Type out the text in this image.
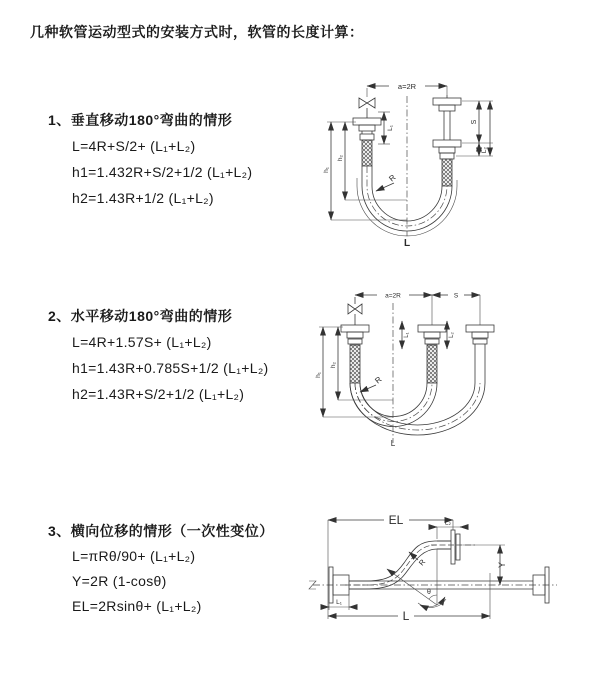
几种软管运动型式的安装方式时，软管的长度计算：
1、垂直移动180°弯曲的情形
L=4R+S/2+ (L₁+L₂)
h1=1.432R+S/2+1/2 (L₁+L₂)
h2=1.43R+1/2 (L₁+L₂)
a=2R
L₁
R
h₁
h₂
S
L₂
L
2、水平移动180°弯曲的情形
L=4R+1.57S+ (L₁+L₂)
h1=1.43R+0.785S+1/2 (L₁+L₂)
h2=1.43R+S/2+1/2 (L₁+L₂)
a=2R	S
L₁	L₂
R
h₁
h₂
L
3、横向位移的情形（一次性变位）
L=πRθ/90+ (L₁+L₂)
Y=2R (1-cosθ)
EL=2Rsinθ+ (L₁+L₂)
EL	L₂
Y
θ
R
L₁
L
